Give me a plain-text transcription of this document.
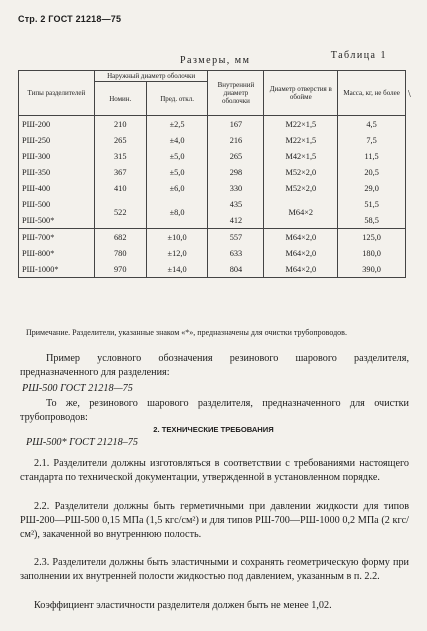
Стр. 2 ГОСТ 21218—75
Размеры, мм	Таблица 1
\
Типы разделителей	Наружный диаметр оболочки		Внутренний диаметр оболочки	Диаметр отверстия в обойме	Масса, кг, не более
	Номин.	Пред. откл.			
РШ-200	210	±2,5	167	M22×1,5	4,5
РШ-250	265	±4,0	216	M22×1,5	7,5
РШ-300	315	±5,0	265	M42×1,5	11,5
РШ-350	367	±5,0	298	M52×2,0	20,5
РШ-400	410	±6,0	330	M52×2,0	29,0
РШ-500	522	±8,0	435	M64×2	51,5
РШ-500*			412		58,5
РШ-700*	682	±10,0	557	M64×2,0	125,0
РШ-800*	780	±12,0	633	M64×2,0	180,0
РШ-1000*	970	±14,0	804	M64×2,0	390,0
Примечание. Разделители, указанные знаком «*», предназначены для очистки трубопроводов.
Пример условного обозначения резинового шарового разделителя, предназначенного для разделения:
РШ-500 ГОСТ 21218—75
То же, резинового шарового разделителя, предназначенного для очистки трубопроводов:
2. ТЕХНИЧЕСКИЕ ТРЕБОВАНИЯ
РШ-500* ГОСТ 21218–75
2.1. Разделители должны изготовляться в соответствии с требованиями настоящего стандарта по технической документации, утвержденной в установленном порядке.
2.2. Разделители должны быть герметичными при давлении жидкости для типов РШ-200—РШ-500 0,15 МПа (1,5 кгс/см²) и для типов РШ-700—РШ-1000 0,2 МПа (2 кгс/см²), закаченной во внутреннюю полость.
2.3. Разделители должны быть эластичными и сохранять геометрическую форму при заполнении их внутренней полости жидкостью под давлением, указанным в п. 2.2.
Коэффициент эластичности разделителя должен быть не менее 1,02.
